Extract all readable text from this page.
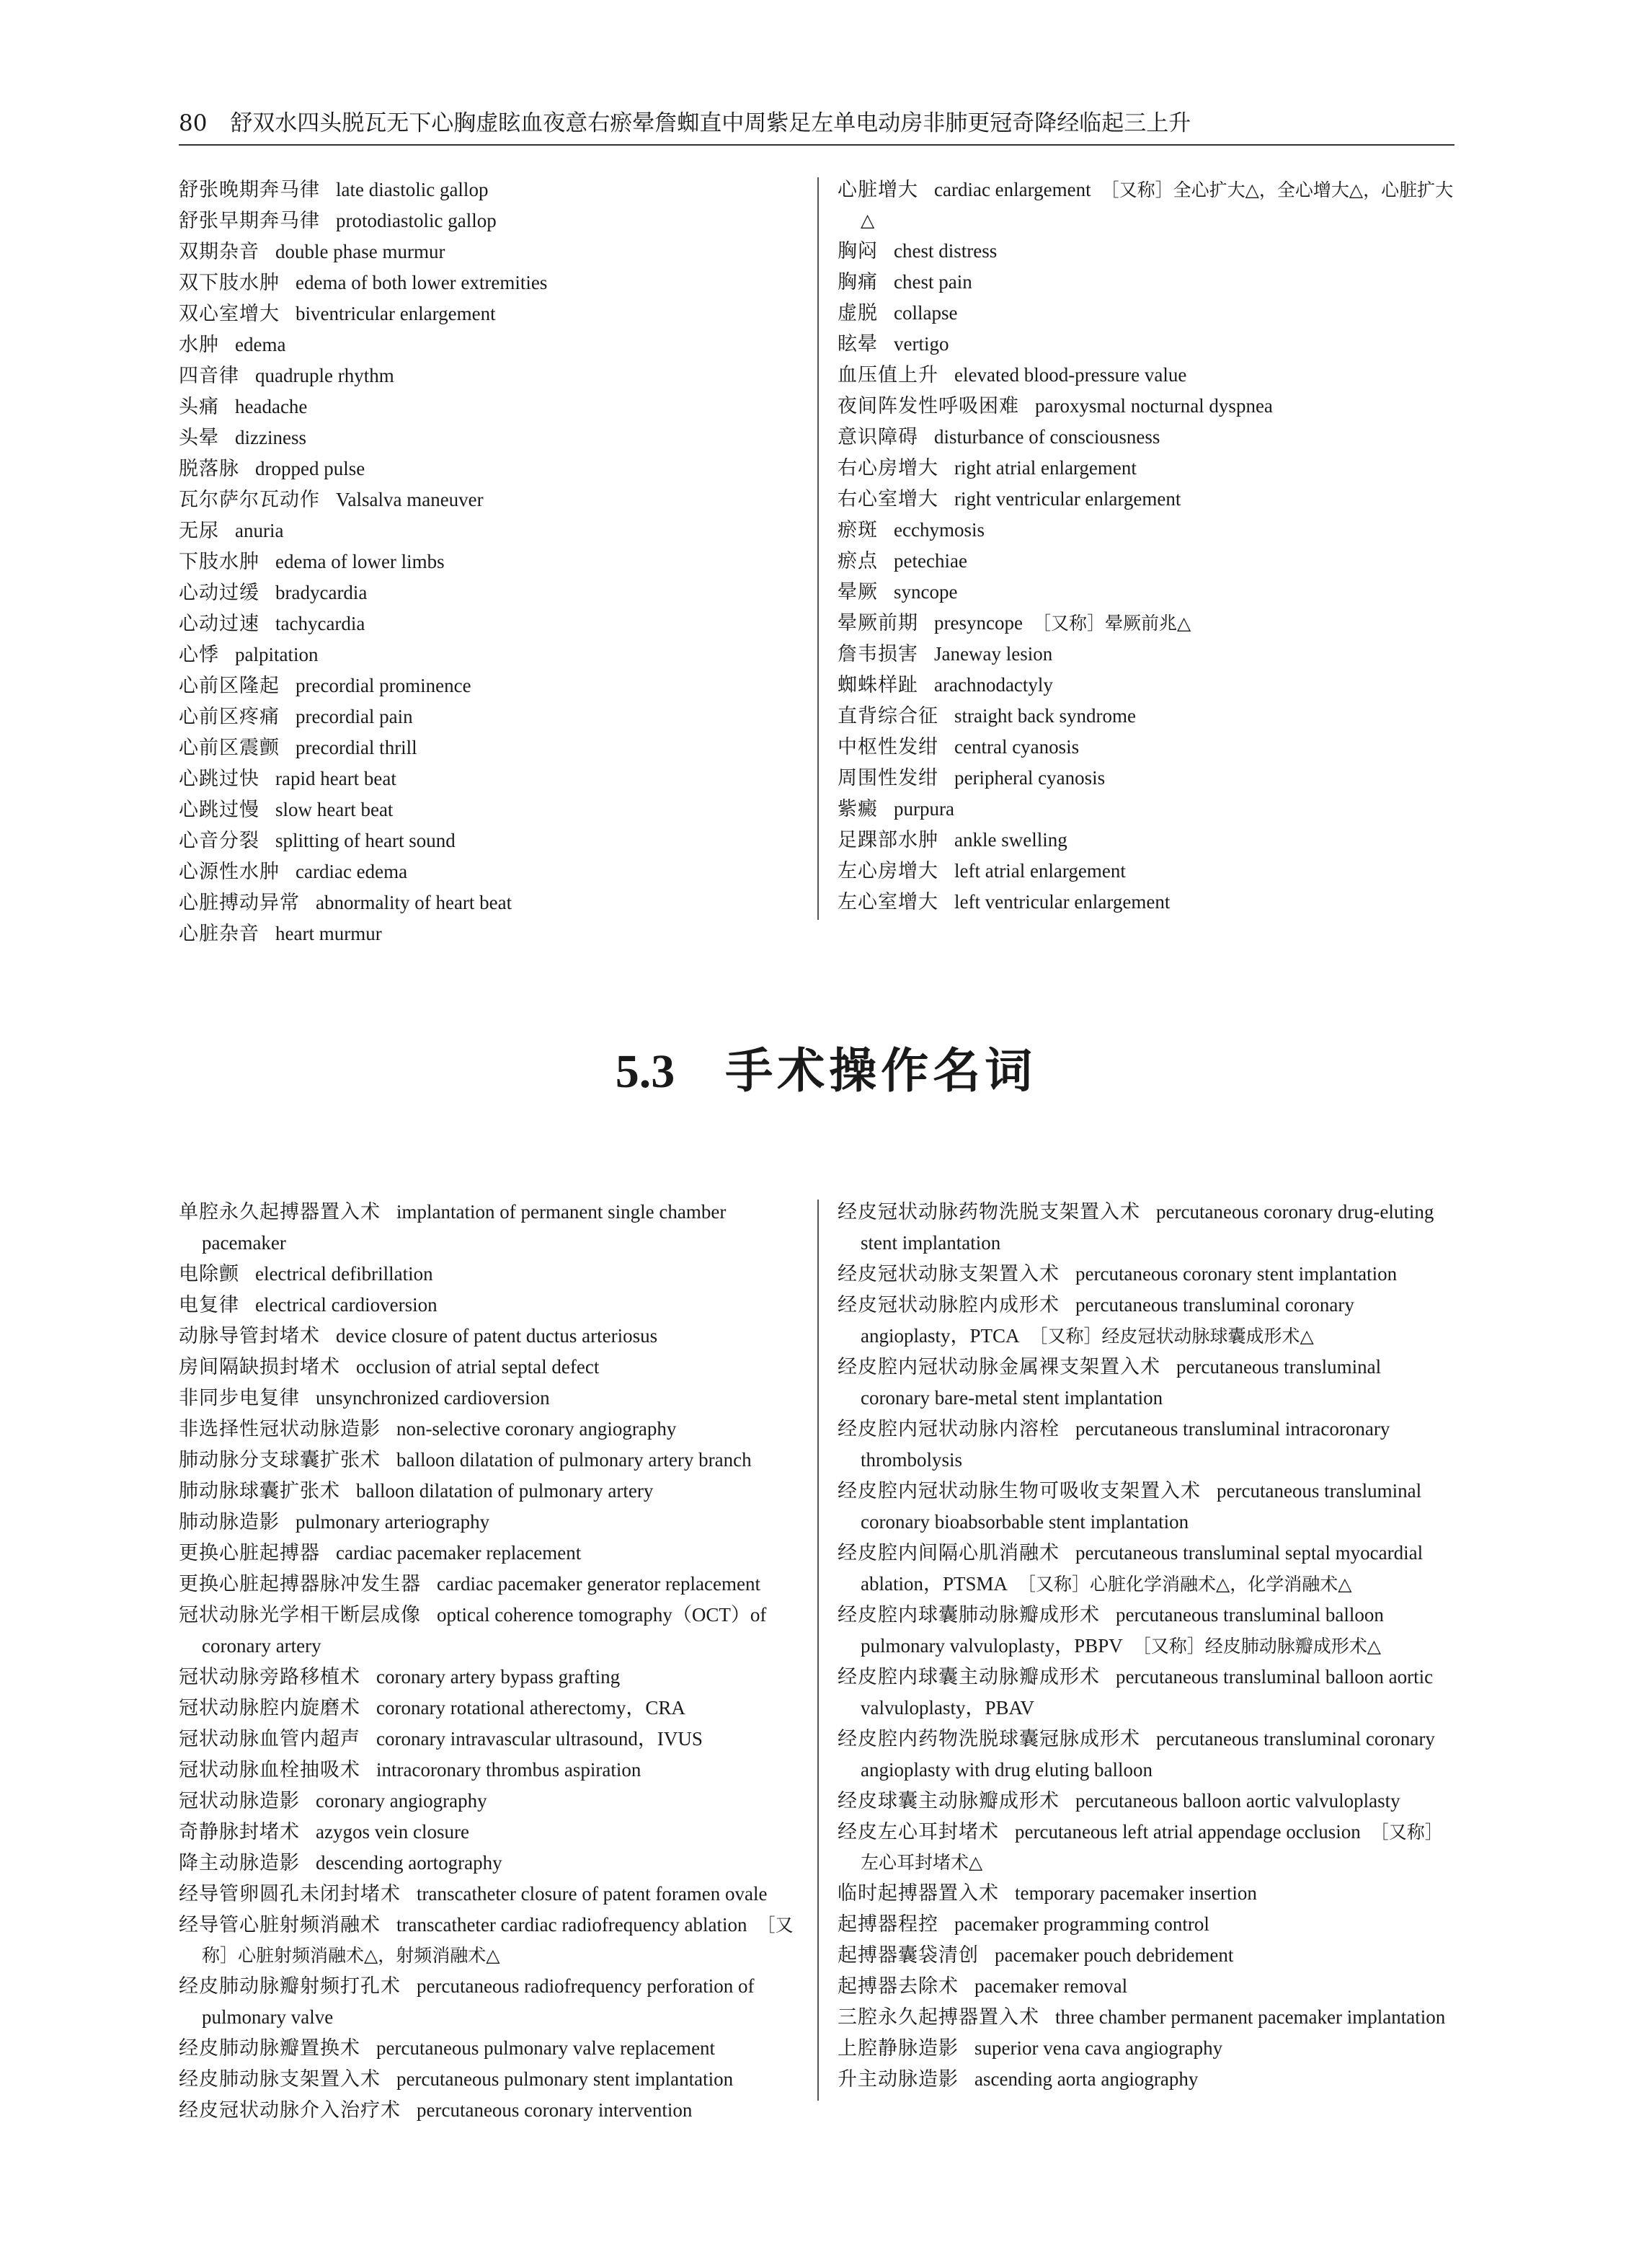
80 舒双水四头脱瓦无下心胸虚眩血夜意右瘀晕詹蜘直中周紫足左单电动房非肺更冠奇降经临起三上升

舒张晚期奔马律 late diastolic gallop

舒张早期奔马律 protodiastolic gallop

双期杂音 double phase murmur

双下肢水肿 edema of both lower extremities

双心室增大 biventricular enlargement

水肿 edema

四音律 quadruple rhythm

头痛 headache

头晕 dizziness

脱落脉 dropped pulse

瓦尔萨尔瓦动作 Valsalva maneuver

无尿 anuria

下肢水肿 edema of lower limbs

心动过缓 bradycardia

心动过速 tachycardia

心悸 palpitation

心前区隆起 precordial prominence

心前区疼痛 precordial pain

心前区震颤 precordial thrill

心跳过快 rapid heart beat

心跳过慢 slow heart beat

心音分裂 splitting of heart sound

心源性水肿 cardiac edema

心脏搏动异常 abnormality of heart beat

心脏杂音 heart murmur

心脏增大 cardiac enlargement ［又称］全心扩大△，全心增大△，心脏扩大△

胸闷 chest distress

胸痛 chest pain

虚脱 collapse

眩晕 vertigo

血压值上升 elevated blood-pressure value

夜间阵发性呼吸困难 paroxysmal nocturnal dyspnea

意识障碍 disturbance of consciousness

右心房增大 right atrial enlargement

右心室增大 right ventricular enlargement

瘀斑 ecchymosis

瘀点 petechiae

晕厥 syncope

晕厥前期 presyncope ［又称］晕厥前兆△

詹韦损害 Janeway lesion

蜘蛛样趾 arachnodactyly

直背综合征 straight back syndrome

中枢性发绀 central cyanosis

周围性发绀 peripheral cyanosis

紫癜 purpura

足踝部水肿 ankle swelling

左心房增大 left atrial enlargement

左心室增大 left ventricular enlargement

5.3 手术操作名词

单腔永久起搏器置入术 implantation of permanent single chamber pacemaker

电除颤 electrical defibrillation

电复律 electrical cardioversion

动脉导管封堵术 device closure of patent ductus arteriosus

房间隔缺损封堵术 occlusion of atrial septal defect

非同步电复律 unsynchronized cardioversion

非选择性冠状动脉造影 non-selective coronary angiography

肺动脉分支球囊扩张术 balloon dilatation of pulmonary artery branch

肺动脉球囊扩张术 balloon dilatation of pulmonary artery

肺动脉造影 pulmonary arteriography

更换心脏起搏器 cardiac pacemaker replacement

更换心脏起搏器脉冲发生器 cardiac pacemaker generator replacement

冠状动脉光学相干断层成像 optical coherence tomography（OCT）of coronary artery

冠状动脉旁路移植术 coronary artery bypass grafting

冠状动脉腔内旋磨术 coronary rotational atherectomy，CRA

冠状动脉血管内超声 coronary intravascular ultrasound，IVUS

冠状动脉血栓抽吸术 intracoronary thrombus aspiration

冠状动脉造影 coronary angiography

奇静脉封堵术 azygos vein closure

降主动脉造影 descending aortography

经导管卵圆孔未闭封堵术 transcatheter closure of patent foramen ovale

经导管心脏射频消融术 transcatheter cardiac radiofrequency ablation ［又称］心脏射频消融术△，射频消融术△

经皮肺动脉瓣射频打孔术 percutaneous radiofrequency perforation of pulmonary valve

经皮肺动脉瓣置换术 percutaneous pulmonary valve replacement

经皮肺动脉支架置入术 percutaneous pulmonary stent implantation

经皮冠状动脉介入治疗术 percutaneous coronary intervention

经皮冠状动脉药物洗脱支架置入术 percutaneous coronary drug-eluting stent implantation

经皮冠状动脉支架置入术 percutaneous coronary stent implantation

经皮冠状动脉腔内成形术 percutaneous transluminal coronary angioplasty，PTCA ［又称］经皮冠状动脉球囊成形术△

经皮腔内冠状动脉金属裸支架置入术 percutaneous transluminal coronary bare-metal stent implantation

经皮腔内冠状动脉内溶栓 percutaneous transluminal intracoronary thrombolysis

经皮腔内冠状动脉生物可吸收支架置入术 percutaneous transluminal coronary bioabsorbable stent implantation

经皮腔内间隔心肌消融术 percutaneous transluminal septal myocardial ablation，PTSMA ［又称］心脏化学消融术△，化学消融术△

经皮腔内球囊肺动脉瓣成形术 percutaneous transluminal balloon pulmonary valvuloplasty，PBPV ［又称］经皮肺动脉瓣成形术△

经皮腔内球囊主动脉瓣成形术 percutaneous transluminal balloon aortic valvuloplasty，PBAV

经皮腔内药物洗脱球囊冠脉成形术 percutaneous transluminal coronary angioplasty with drug eluting balloon

经皮球囊主动脉瓣成形术 percutaneous balloon aortic valvuloplasty

经皮左心耳封堵术 percutaneous left atrial appendage occlusion ［又称］左心耳封堵术△

临时起搏器置入术 temporary pacemaker insertion

起搏器程控 pacemaker programming control

起搏器囊袋清创 pacemaker pouch debridement

起搏器去除术 pacemaker removal

三腔永久起搏器置入术 three chamber permanent pacemaker implantation

上腔静脉造影 superior vena cava angiography

升主动脉造影 ascending aorta angiography
